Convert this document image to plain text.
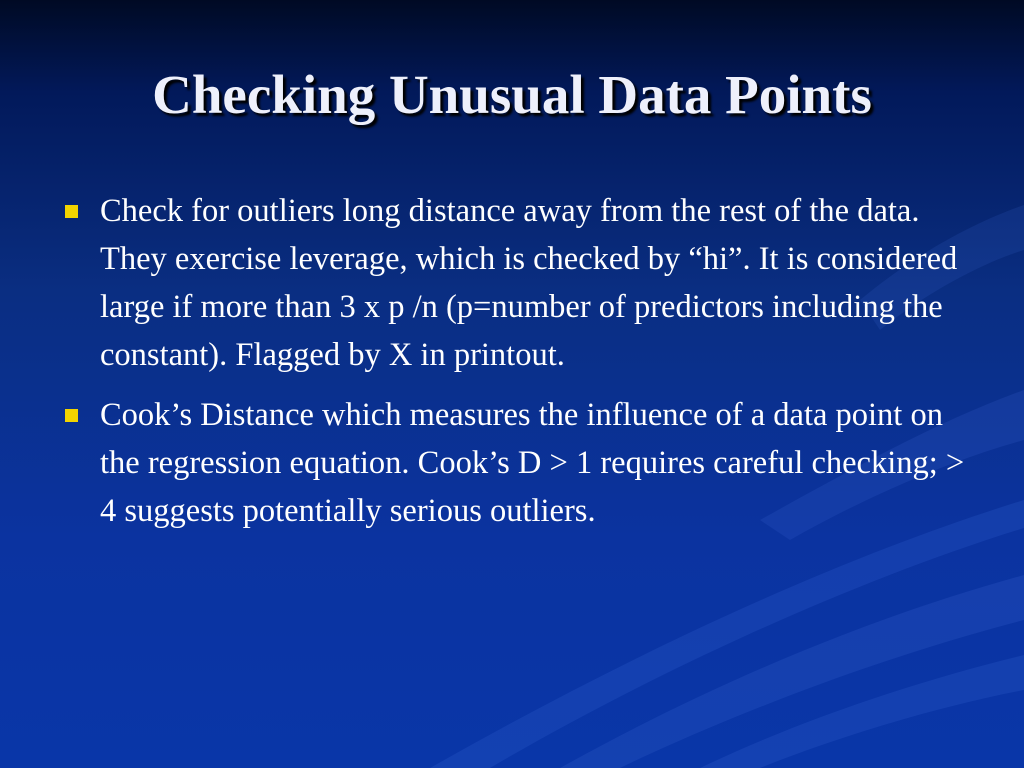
Checking Unusual Data Points
Check for outliers long distance away from the rest of the data. They exercise leverage, which is checked by “hi”. It is considered large if more than 3 x p /n (p=number of predictors including the constant). Flagged by X in printout.
Cook’s Distance which measures the influence of a data point on the regression equation. Cook’s D > 1 requires careful checking; > 4 suggests potentially serious outliers.
